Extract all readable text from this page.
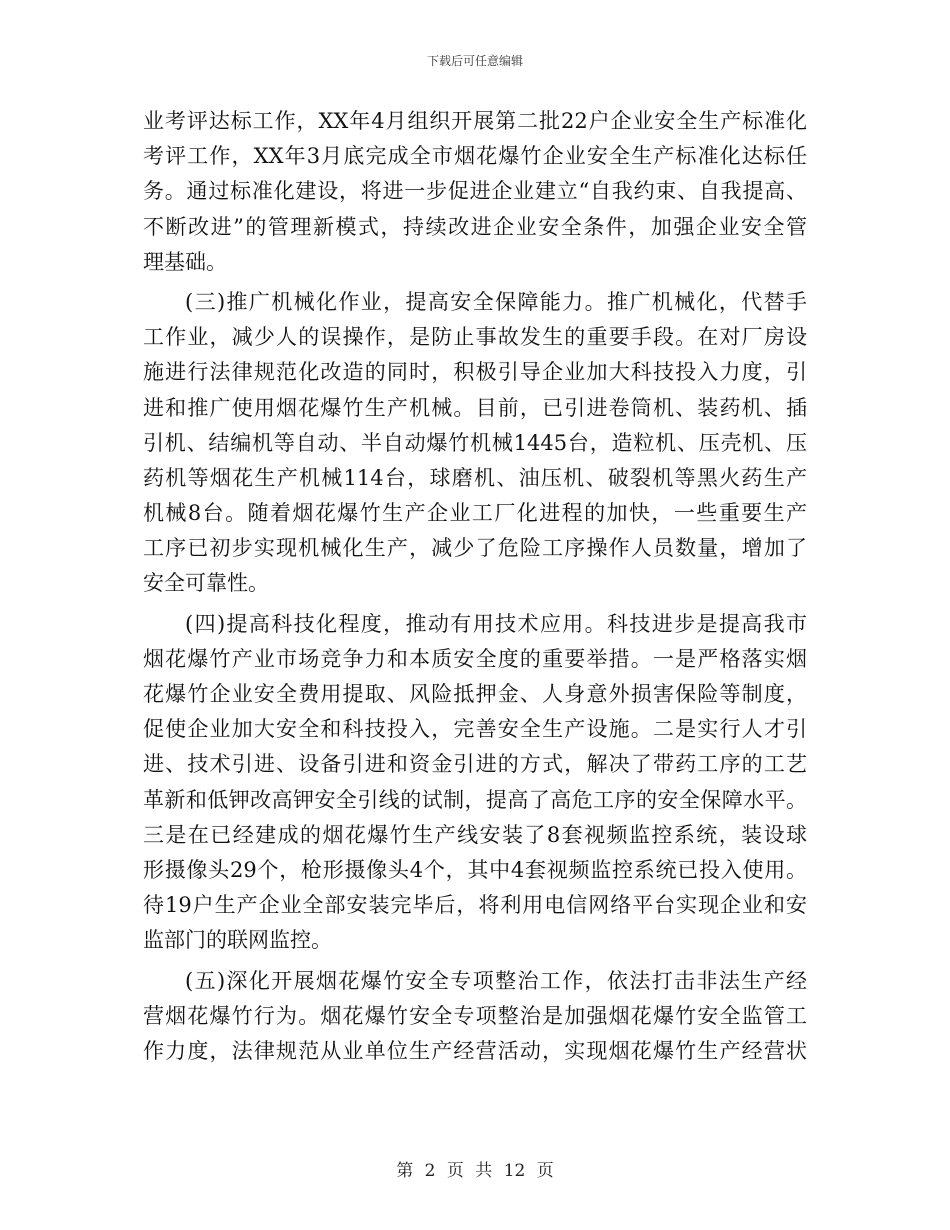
下载后可任意编辑
业考评达标工作，XX年4月组织开展第二批22户企业安全生产标准化
考评工作，XX年3月底完成全市烟花爆竹企业安全生产标准化达标任
务。通过标准化建设，将进一步促进企业建立“自我约束、自我提高、
不断改进”的管理新模式，持续改进企业安全条件，加强企业安全管
理基础。
(三)推广机械化作业，提高安全保障能力。推广机械化，代替手
工作业，减少人的误操作，是防止事故发生的重要手段。在对厂房设
施进行法律规范化改造的同时，积极引导企业加大科技投入力度，引
进和推广使用烟花爆竹生产机械。目前，已引进卷筒机、装药机、插
引机、结编机等自动、半自动爆竹机械1445台，造粒机、压壳机、压
药机等烟花生产机械114台，球磨机、油压机、破裂机等黑火药生产
机械8台。随着烟花爆竹生产企业工厂化进程的加快，一些重要生产
工序已初步实现机械化生产，减少了危险工序操作人员数量，增加了
安全可靠性。
(四)提高科技化程度，推动有用技术应用。科技进步是提高我市
烟花爆竹产业市场竞争力和本质安全度的重要举措。一是严格落实烟
花爆竹企业安全费用提取、风险抵押金、人身意外损害保险等制度，
促使企业加大安全和科技投入，完善安全生产设施。二是实行人才引
进、技术引进、设备引进和资金引进的方式，解决了带药工序的工艺
革新和低钾改高钾安全引线的试制，提高了高危工序的安全保障水平。
三是在已经建成的烟花爆竹生产线安装了8套视频监控系统，装设球
形摄像头29个，枪形摄像头4个，其中4套视频监控系统已投入使用。
待19户生产企业全部安装完毕后，将利用电信网络平台实现企业和安
监部门的联网监控。
(五)深化开展烟花爆竹安全专项整治工作，依法打击非法生产经
营烟花爆竹行为。烟花爆竹安全专项整治是加强烟花爆竹安全监管工
作力度，法律规范从业单位生产经营活动，实现烟花爆竹生产经营状
第 2 页 共 12 页
